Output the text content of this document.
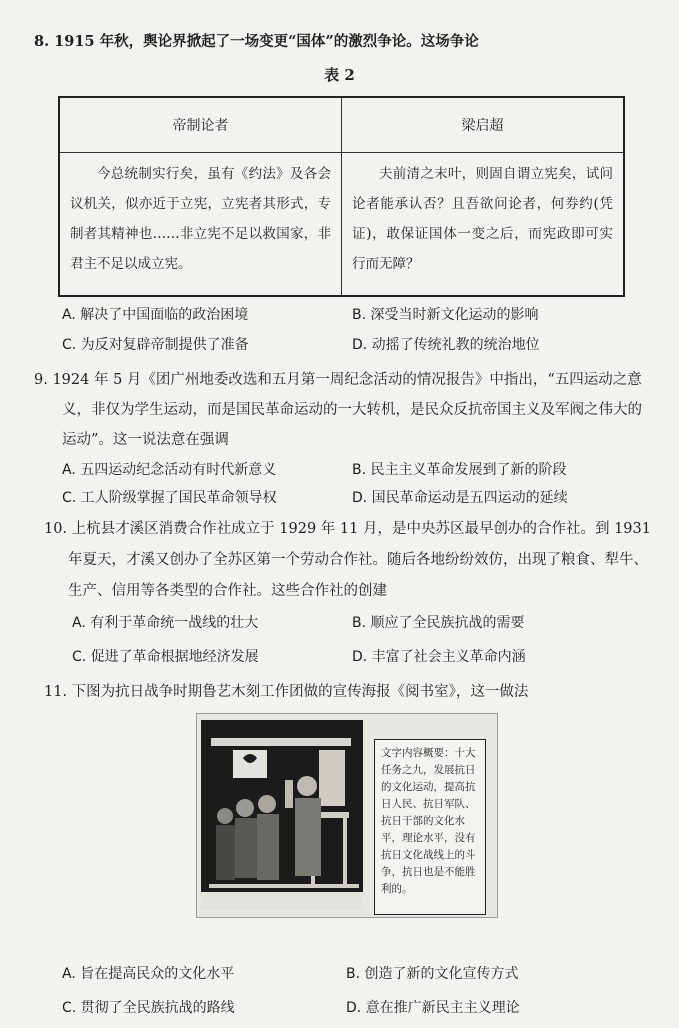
8. 1915 年秋，舆论界掀起了一场变更“国体”的激烈争论。这场争论
表 2
帝制论者	梁启超

今总统制实行矣，虽有《约法》及各会议机关，似亦近于立宪，立宪者其形式，专制者其精神也……非立宪不足以救国家，非君主不足以成立宪。	夫前清之末叶，则固自谓立宪矣，试问论者能承认否？且吾欲问论者，何券约(凭证)，敢保证国体一变之后，而宪政即可实行而无障？
A. 解决了中国面临的政治困境	B. 深受当时新文化运动的影响
C. 为反对复辟帝制提供了准备	D. 动摇了传统礼教的统治地位
9. 1924 年 5 月《团广州地委改选和五月第一周纪念活动的情况报告》中指出，“五四运动之意
义，非仅为学生运动，而是国民革命运动的一大转机，是民众反抗帝国主义及军阀之伟大的
运动”。这一说法意在强调
A. 五四运动纪念活动有时代新意义	B. 民主主义革命发展到了新的阶段
C. 工人阶级掌握了国民革命领导权	D. 国民革命运动是五四运动的延续
10. 上杭县才溪区消费合作社成立于 1929 年 11 月，是中央苏区最早创办的合作社。到 1931
年夏天，才溪又创办了全苏区第一个劳动合作社。随后各地纷纷效仿，出现了粮食、犁牛、
生产、信用等各类型的合作社。这些合作社的创建
A. 有利于革命统一战线的壮大	B. 顺应了全民族抗战的需要
C. 促进了革命根据地经济发展	D. 丰富了社会主义革命内涵
11. 下图为抗日战争时期鲁艺木刻工作团做的宣传海报《阅书室》，这一做法
文字内容概要：十大任务之九，发展抗日的文化运动，提高抗日人民、抗日军队、抗日干部的文化水平，理论水平，没有抗日文化战线上的斗争，抗日也是不能胜利的。
A. 旨在提高民众的文化水平	B. 创造了新的文化宣传方式
C. 贯彻了全民族抗战的路线	D. 意在推广新民主主义理论
